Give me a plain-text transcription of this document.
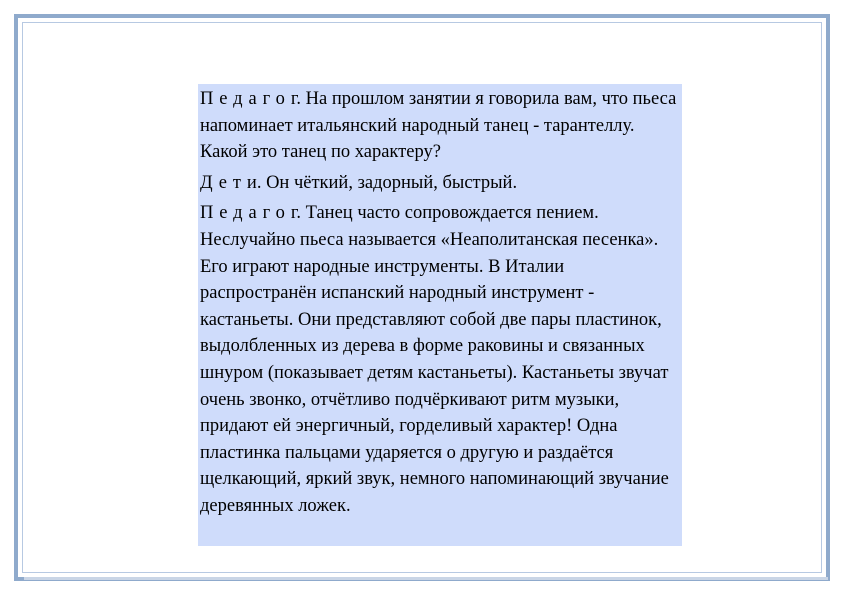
Педагог. На прошлом занятии я говорила вам, что пьеса напоминает итальянский народный танец - тарантеллу. Какой это танец по характеру?

Дети. Он чёткий, задорный, быстрый.

Педагог. Танец часто сопровождается пением. Неслучайно пьеса называется «Неаполитанская песенка». Его играют народные инструменты. В Италии распространён испанский народный инструмент - кастаньеты. Они представляют собой две пары пластинок, выдолбленных из дерева в форме раковины и связанных шнуром (показывает детям кастаньеты). Кастаньеты звучат очень звонко, отчётливо подчёркивают ритм музыки, придают ей энергичный, горделивый характер! Одна пластинка пальцами ударяется о другую и раздаётся щелкающий, яркий звук, немного напоминающий звучание деревянных ложек.
